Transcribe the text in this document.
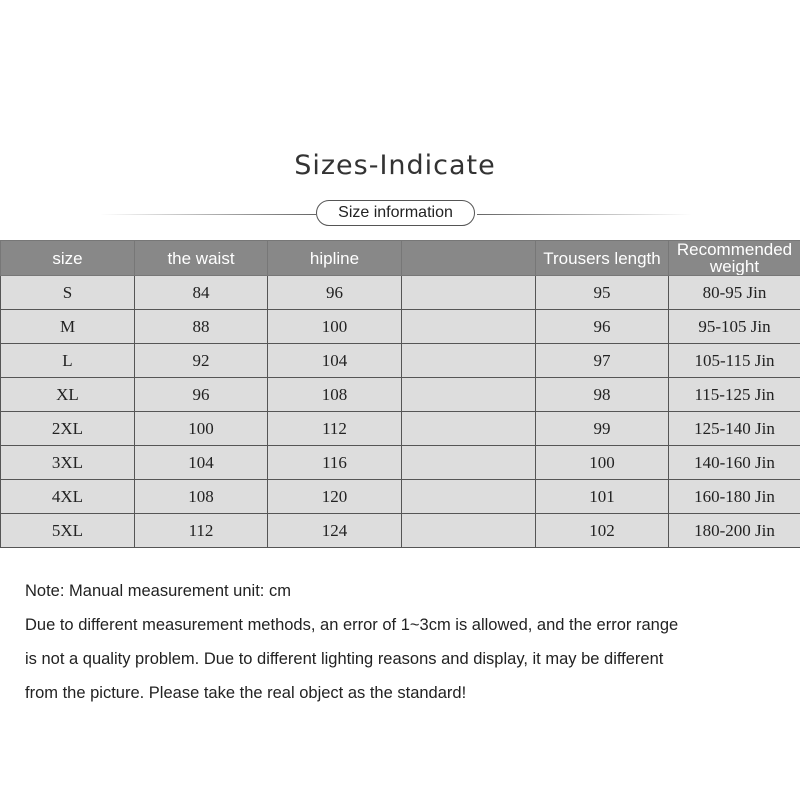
Sizes-Indicate
Size information
size	the waist	hipline		Trousers length	Recommended weight
S	84	96		95	80-95 Jin
M	88	100		96	95-105 Jin
L	92	104		97	105-115 Jin
XL	96	108		98	115-125 Jin
2XL	100	112		99	125-140 Jin
3XL	104	116		100	140-160 Jin
4XL	108	120		101	160-180 Jin
5XL	112	124		102	180-200 Jin
Note: Manual measurement unit: cm
Due to different measurement methods, an error of 1~3cm is allowed, and the error range
is not a quality problem. Due to different lighting reasons and display, it may be different
from the picture. Please take the real object as the standard!
